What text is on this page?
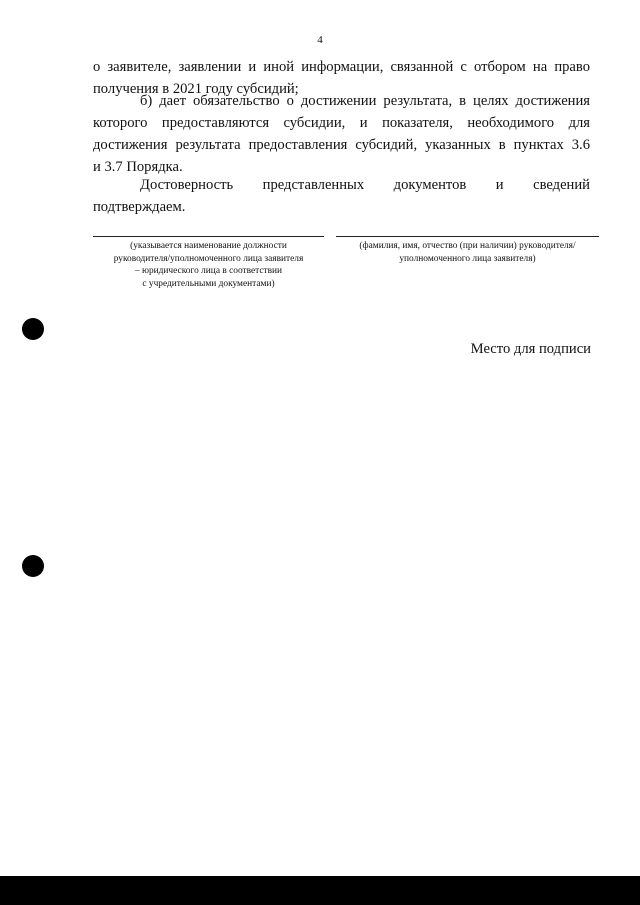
4
о заявителе, заявлении и иной информации, связанной с отбором на право
получения в 2021 году субсидий;
б) дает обязательство о достижении результата, в целях достижения
которого предоставляются субсидии, и показателя, необходимого для
достижения результата предоставления субсидий, указанных в пунктах 3.6
и 3.7 Порядка.
Достоверность представленных документов и сведений
подтверждаем.
(указывается наименование должности
руководителя/уполномоченного лица заявителя
– юридического лица в соответствии
с учредительными документами)
(фамилия, имя, отчество (при наличии) руководителя/
уполномоченного лица заявителя)
Место для подписи
